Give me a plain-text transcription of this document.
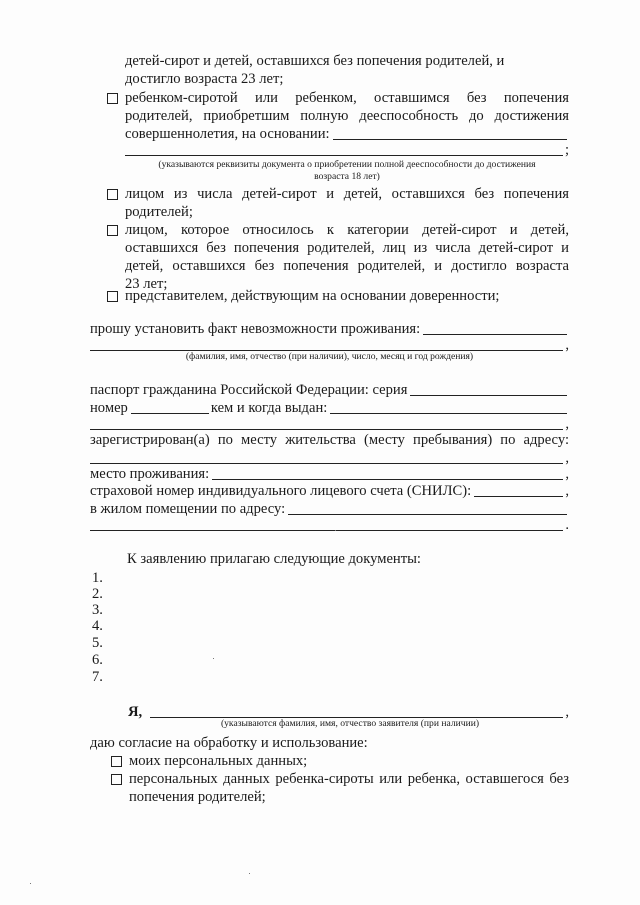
детей-сирот и детей, оставшихся без попечения родителей, и
достигло возраста 23 лет;
ребенком-сиротой или ребенком, оставшимся без попечения
родителей, приобретшим полную дееспособность до достижения
совершеннолетия, на основании:
;
(указываются реквизиты документа о приобретении полной дееспособности до достижения
возраста 18 лет)
лицом из числа детей-сирот и детей, оставшихся без попечения
родителей;
лицом, которое относилось к категории детей-сирот и детей,
оставшихся без попечения родителей, лиц из числа детей-сирот и
детей, оставшихся без попечения родителей, и достигло возраста
23 лет;
представителем, действующим на основании доверенности;
прошу установить факт невозможности проживания:
,
(фамилия, имя, отчество (при наличии), число, месяц и год рождения)
паспорт гражданина Российской Федерации: серия
номер	кем и когда выдан:
,
зарегистрирован(а) по месту жительства (месту пребывания) по адресу:
,
место проживания:	,
страховой номер индивидуального лицевого счета (СНИЛС):	,
в жилом помещении по адресу:
.
К заявлению прилагаю следующие документы:
1.
2.
3.
4.
5.
6.
7.
Я,	,
(указываются фамилия, имя, отчество заявителя (при наличии)
даю согласие на обработку и использование:
моих персональных данных;
персональных данных ребенка-сироты или ребенка, оставшегося без
попечения родителей;
